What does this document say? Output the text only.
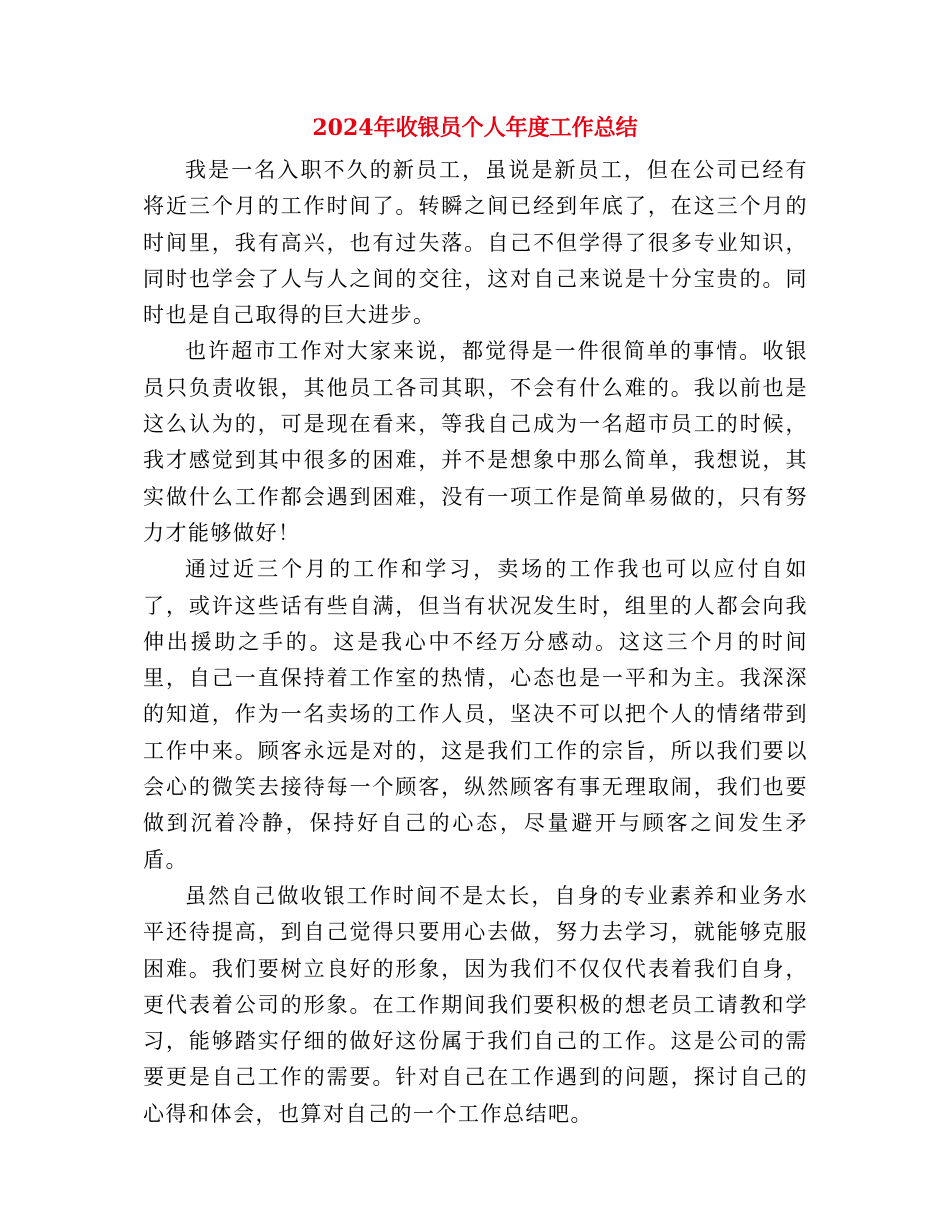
2024年收银员个人年度工作总结

我是一名入职不久的新员工，虽说是新员工，但在公司已经有将近三个月的工作时间了。转瞬之间已经到年底了，在这三个月的时间里，我有高兴，也有过失落。自己不但学得了很多专业知识，同时也学会了人与人之间的交往，这对自己来说是十分宝贵的。同时也是自己取得的巨大进步。

也许超市工作对大家来说，都觉得是一件很简单的事情。收银员只负责收银，其他员工各司其职，不会有什么难的。我以前也是这么认为的，可是现在看来，等我自己成为一名超市员工的时候，我才感觉到其中很多的困难，并不是想象中那么简单，我想说，其实做什么工作都会遇到困难，没有一项工作是简单易做的，只有努力才能够做好！

通过近三个月的工作和学习，卖场的工作我也可以应付自如了，或许这些话有些自满，但当有状况发生时，组里的人都会向我伸出援助之手的。这是我心中不经万分感动。这这三个月的时间里，自己一直保持着工作室的热情，心态也是一平和为主。我深深的知道，作为一名卖场的工作人员，坚决不可以把个人的情绪带到工作中来。顾客永远是对的，这是我们工作的宗旨，所以我们要以会心的微笑去接待每一个顾客，纵然顾客有事无理取闹，我们也要做到沉着冷静，保持好自己的心态，尽量避开与顾客之间发生矛盾。

虽然自己做收银工作时间不是太长，自身的专业素养和业务水平还待提高，到自己觉得只要用心去做，努力去学习，就能够克服困难。我们要树立良好的形象，因为我们不仅仅代表着我们自身，更代表着公司的形象。在工作期间我们要积极的想老员工请教和学习，能够踏实仔细的做好这份属于我们自己的工作。这是公司的需要更是自己工作的需要。针对自己在工作遇到的问题，探讨自己的心得和体会，也算对自己的一个工作总结吧。
